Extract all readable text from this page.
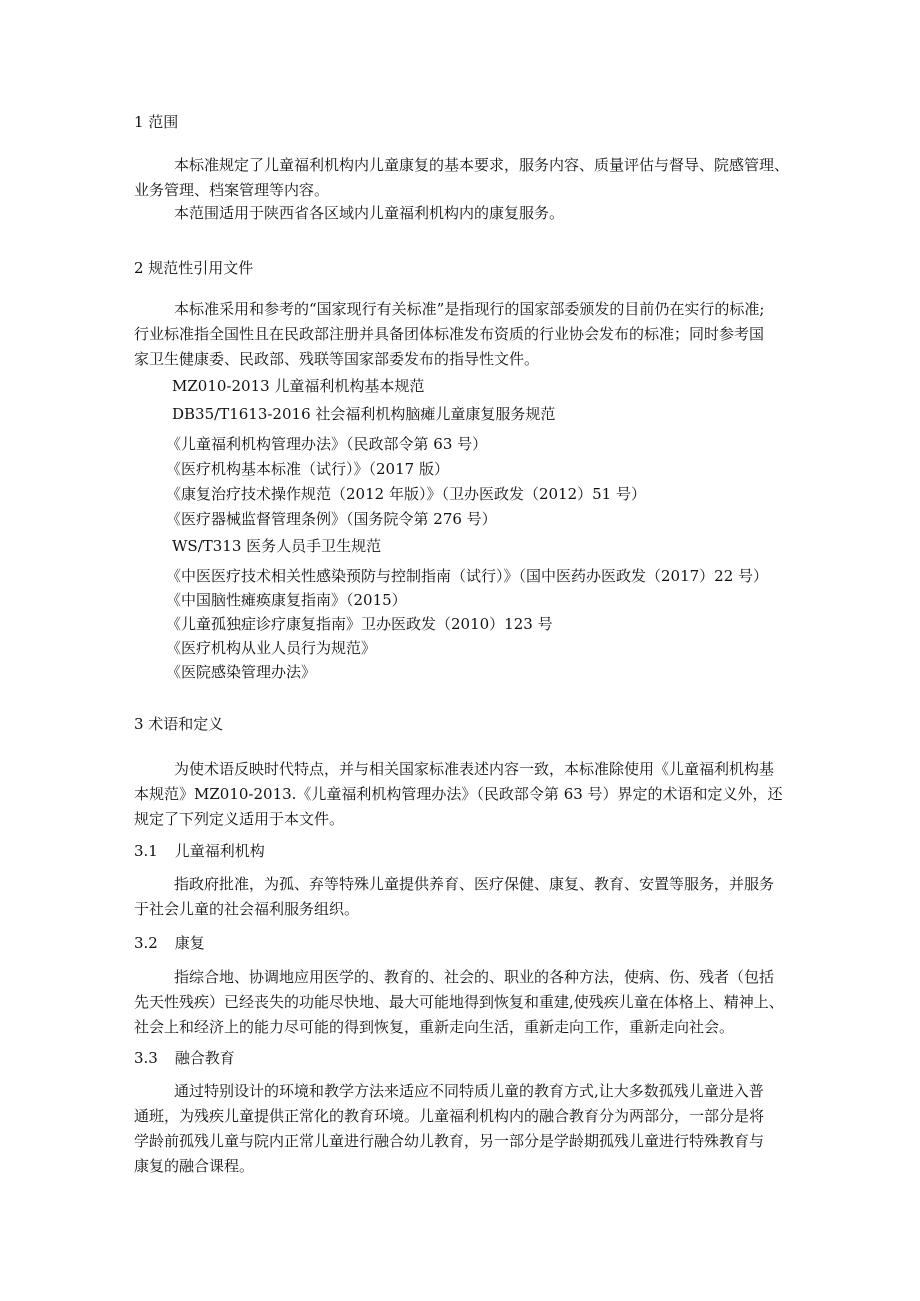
1 范围
本标准规定了儿童福利机构内儿童康复的基本要求，服务内容、质量评估与督导、院感管理、
业务管理、档案管理等内容。
本范围适用于陕西省各区域内儿童福利机构内的康复服务。
2 规范性引用文件
本标准采用和参考的“国家现行有关标准”是指现行的国家部委颁发的目前仍在实行的标准;
行业标准指全国性且在民政部注册并具备团体标准发布资质的行业协会发布的标准；同时参考国
家卫生健康委、民政部、残联等国家部委发布的指导性文件。
MZ010-2013 儿童福利机构基本规范
DB35/T1613-2016 社会福利机构脑瘫儿童康复服务规范
《儿童福利机构管理办法》（民政部令第 63 号）
《医疗机构基本标准（试行）》（2017 版）
《康复治疗技术操作规范（2012 年版）》（卫办医政发（2012）51 号）
《医疗器械监督管理条例》（国务院令第 276 号）
WS/T313 医务人员手卫生规范
《中医医疗技术相关性感染预防与控制指南（试行）》（国中医药办医政发（2017）22 号）
《中国脑性瘫痪康复指南》（2015）
《儿童孤独症诊疗康复指南》卫办医政发（2010）123 号
《医疗机构从业人员行为规范》
《医院感染管理办法》
3 术语和定义
为使术语反映时代特点，并与相关国家标准表述内容一致，本标准除使用《儿童福利机构基
本规范》MZ010-2013.《儿童福利机构管理办法》（民政部令第 63 号）界定的术语和定义外，还
规定了下列定义适用于本文件。
3.1 儿童福利机构
指政府批准，为孤、弃等特殊儿童提供养育、医疗保健、康复、教育、安置等服务，并服务
于社会儿童的社会福利服务组织。
3.2 康复
指综合地、协调地应用医学的、教育的、社会的、职业的各种方法，使病、伤、残者（包括
先天性残疾）已经丧失的功能尽快地、最大可能地得到恢复和重建,使残疾儿童在体格上、精神上、
社会上和经济上的能力尽可能的得到恢复，重新走向生活，重新走向工作，重新走向社会。
3.3 融合教育
通过特别设计的环境和教学方法来适应不同特质儿童的教育方式,让大多数孤残儿童进入普
通班，为残疾儿童提供正常化的教育环境。儿童福利机构内的融合教育分为两部分，一部分是将
学龄前孤残儿童与院内正常儿童进行融合幼儿教育，另一部分是学龄期孤残儿童进行特殊教育与
康复的融合课程。
